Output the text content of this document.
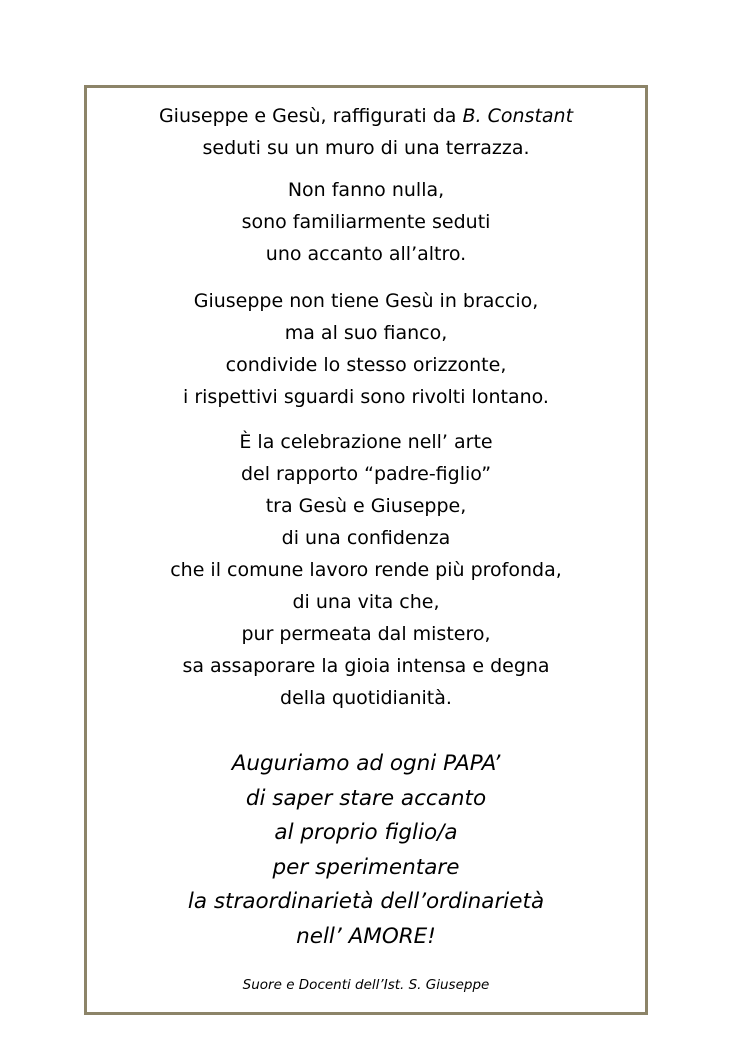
Giuseppe e Gesù, raffigurati da B. Constant
seduti su un muro di una terrazza.
Non fanno nulla,
sono familiarmente seduti
uno accanto all’altro.
Giuseppe non tiene Gesù in braccio,
ma al suo fianco,
condivide lo stesso orizzonte,
i rispettivi sguardi sono rivolti lontano.
È la celebrazione nell’ arte
del rapporto “padre-figlio”
tra Gesù e Giuseppe,
di una confidenza
che il comune lavoro rende più profonda,
di una vita che,
pur permeata dal mistero,
sa assaporare la gioia intensa e degna
della quotidianità.
Auguriamo ad ogni PAPA’
di saper stare accanto
al proprio figlio/a
per sperimentare
la straordinarietà dell’ordinarietà
nell’ AMORE!
Suore e Docenti dell’Ist. S. Giuseppe
